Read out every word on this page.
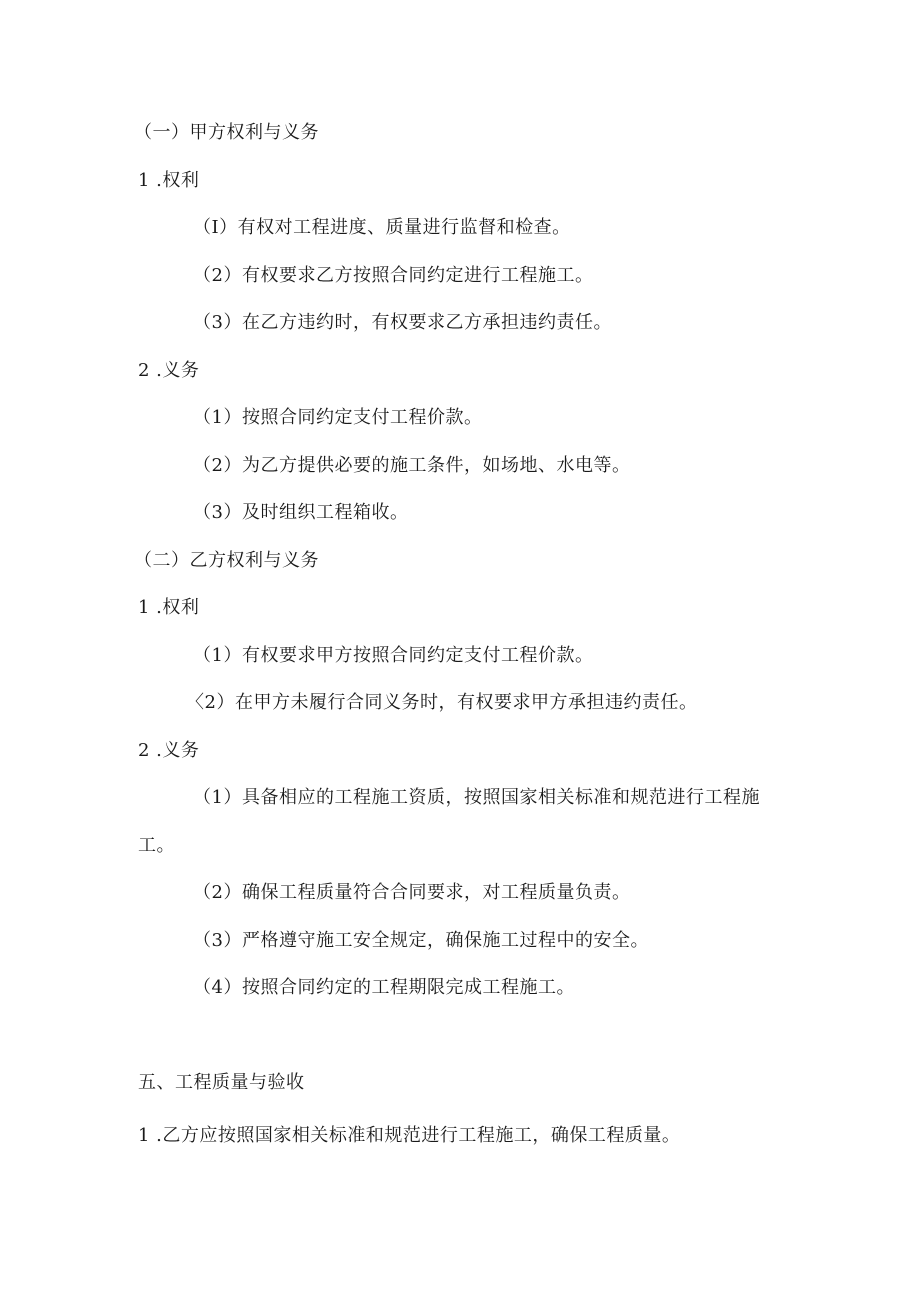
（一）甲方权利与义务
1 .权利
（I）有权对工程进度、质量进行监督和检查。
（2）有权要求乙方按照合同约定进行工程施工。
（3）在乙方违约时，有权要求乙方承担违约责任。
2 .义务
（1）按照合同约定支付工程价款。
（2）为乙方提供必要的施工条件，如场地、水电等。
（3）及时组织工程箱收。
（二）乙方权利与义务
1 .权利
（1）有权要求甲方按照合同约定支付工程价款。
〈2）在甲方未履行合同义务时，有权要求甲方承担违约责任。
2 .义务
（1）具备相应的工程施工资质，按照国家相关标准和规范进行工程施
工。
（2）确保工程质量符合合同要求，对工程质量负责。
（3）严格遵守施工安全规定，确保施工过程中的安全。
（4）按照合同约定的工程期限完成工程施工。
五、工程质量与验收
1 .乙方应按照国家相关标准和规范进行工程施工，确保工程质量。
